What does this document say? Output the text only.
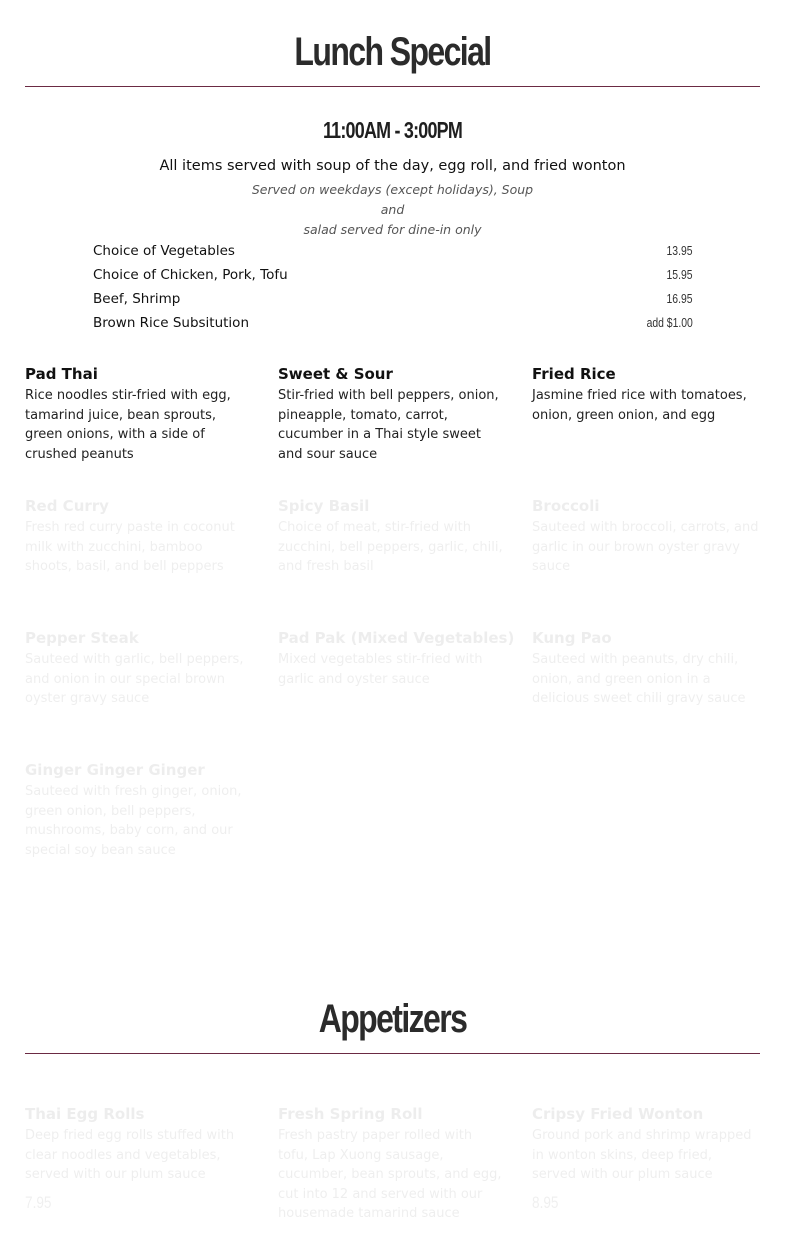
Lunch Special
11:00AM - 3:00PM
All items served with soup of the day, egg roll, and fried wonton
Served on weekdays (except holidays), Soup and
salad served for dine-in only
Choice of Vegetables	13.95
Choice of Chicken, Pork, Tofu	15.95
Beef, Shrimp	16.95
Brown Rice Subsitution	add $1.00
Pad Thai
Rice noodles stir-fried with egg, tamarind juice, bean sprouts, green onions, with a side of crushed peanuts
Sweet & Sour
Stir-fried with bell peppers, onion, pineapple, tomato, carrot, cucumber in a Thai style sweet and sour sauce
Fried Rice
Jasmine fried rice with tomatoes, onion, green onion, and egg
Red Curry
Fresh red curry paste in coconut milk with zucchini, bamboo shoots, basil, and bell peppers
Spicy Basil
Choice of meat, stir-fried with zucchini, bell peppers, garlic, chili, and fresh basil
Broccoli
Sauteed with broccoli, carrots, and garlic in our brown oyster gravy sauce
Pepper Steak
Sauteed with garlic, bell peppers, and onion in our special brown oyster gravy sauce
Pad Pak (Mixed Vegetables)
Mixed vegetables stir-fried with garlic and oyster sauce
Kung Pao
Sauteed with peanuts, dry chili, onion, and green onion in a delicious sweet chili gravy sauce
Ginger Ginger Ginger
Sauteed with fresh ginger, onion, green onion, bell peppers, mushrooms, baby corn, and our special soy bean sauce
Appetizers
Thai Egg Rolls
Deep fried egg rolls stuffed with clear noodles and vegetables, served with our plum sauce
7.95
Fresh Spring Roll
Fresh pastry paper rolled with tofu, Lap Xuong sausage, cucumber, bean sprouts, and egg, cut into 12 and served with our housemade tamarind sauce
Cripsy Fried Wonton
Ground pork and shrimp wrapped in wonton skins, deep fried, served with our plum sauce
8.95
